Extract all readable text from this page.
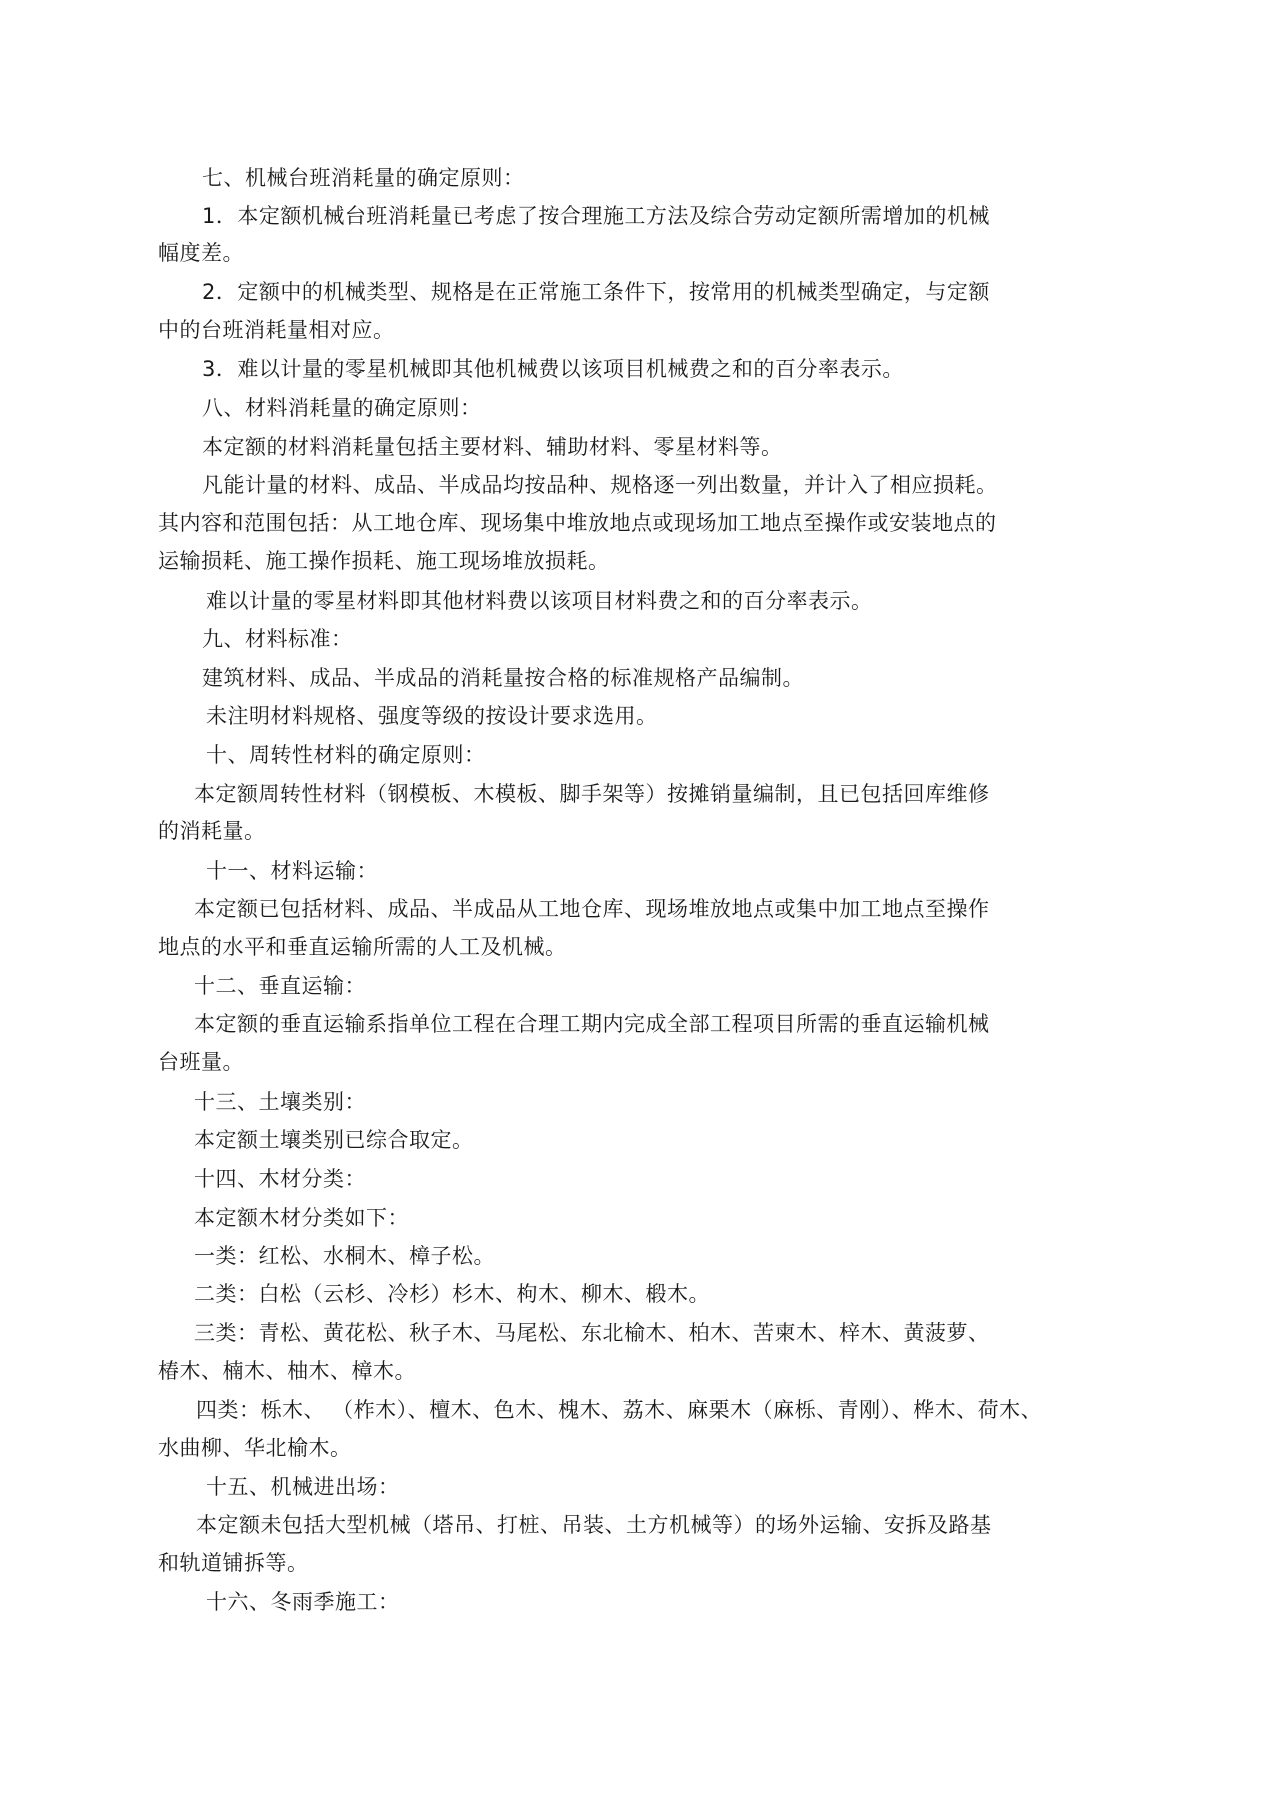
七、机械台班消耗量的确定原则：
1．本定额机械台班消耗量已考虑了按合理施工方法及综合劳动定额所需增加的机械
幅度差。
2．定额中的机械类型、规格是在正常施工条件下，按常用的机械类型确定，与定额
中的台班消耗量相对应。
3．难以计量的零星机械即其他机械费以该项目机械费之和的百分率表示。
八、材料消耗量的确定原则：
本定额的材料消耗量包括主要材料、辅助材料、零星材料等。
凡能计量的材料、成品、半成品均按品种、规格逐一列出数量，并计入了相应损耗。
其内容和范围包括：从工地仓库、现场集中堆放地点或现场加工地点至操作或安装地点的
运输损耗、施工操作损耗、施工现场堆放损耗。
难以计量的零星材料即其他材料费以该项目材料费之和的百分率表示。
九、材料标准：
建筑材料、成品、半成品的消耗量按合格的标准规格产品编制。
未注明材料规格、强度等级的按设计要求选用。
十、周转性材料的确定原则：
本定额周转性材料（钢模板、木模板、脚手架等）按摊销量编制，且已包括回库维修
的消耗量。
十一、材料运输：
本定额已包括材料、成品、半成品从工地仓库、现场堆放地点或集中加工地点至操作
地点的水平和垂直运输所需的人工及机械。
十二、垂直运输：
本定额的垂直运输系指单位工程在合理工期内完成全部工程项目所需的垂直运输机械
台班量。
十三、土壤类别：
本定额土壤类别已综合取定。
十四、木材分类：
本定额木材分类如下：
一类：红松、水桐木、樟子松。
二类：白松（云杉、冷杉）杉木、枸木、柳木、椴木。
三类：青松、黄花松、秋子木、马尾松、东北榆木、柏木、苦柬木、梓木、黄菠萝、
椿木、楠木、柚木、樟木。
四类：栎木、 （柞木）、檀木、色木、槐木、荔木、麻栗木（麻栎、青刚）、桦木、荷木、
水曲柳、华北榆木。
十五、机械进出场：
本定额未包括大型机械（塔吊、打桩、吊装、土方机械等）的场外运输、安拆及路基
和轨道铺拆等。
十六、冬雨季施工：
